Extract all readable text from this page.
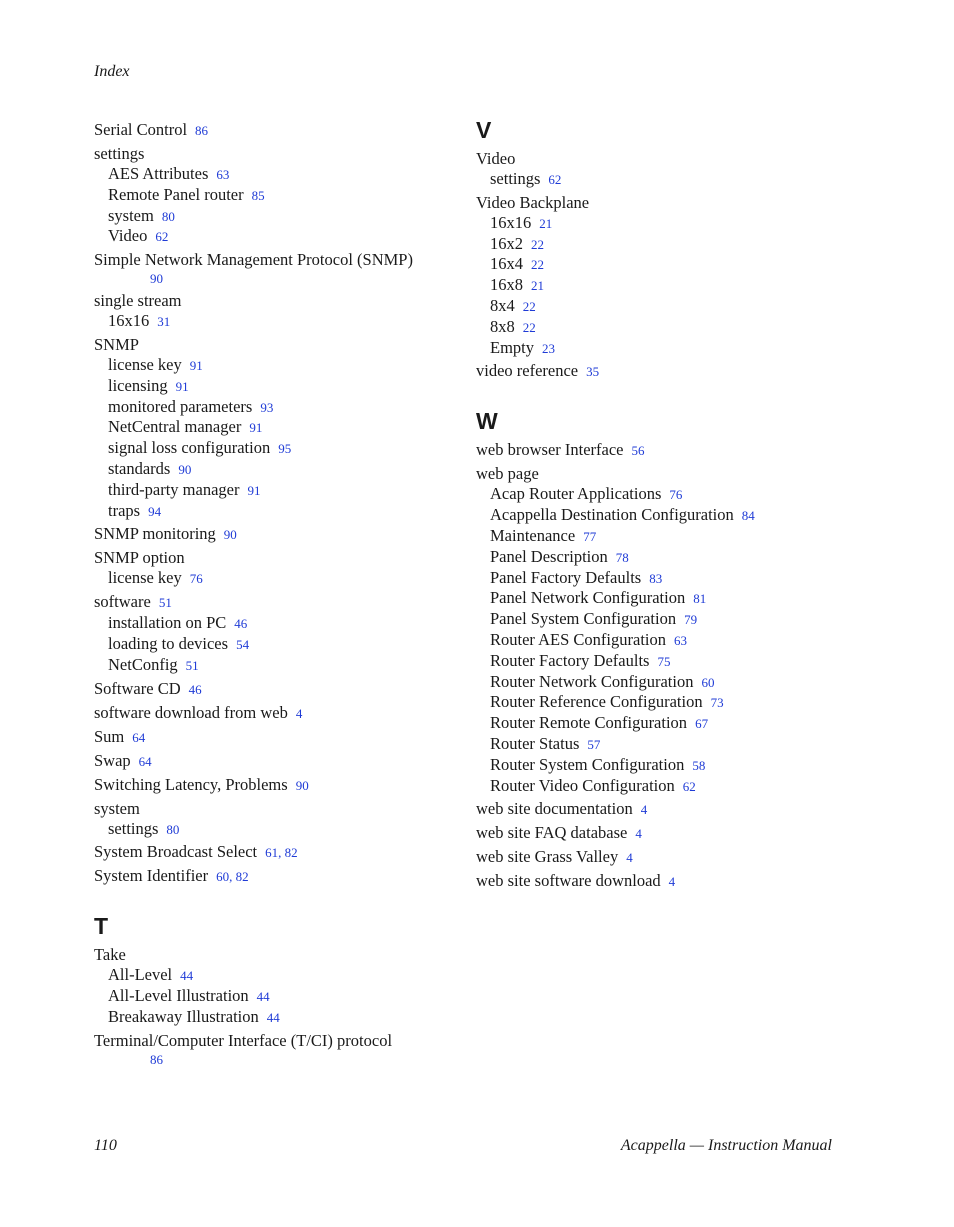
Index
Serial Control 86
settings
AES Attributes 63
Remote Panel router 85
system 80
Video 62
Simple Network Management Protocol (SNMP)
90
single stream
16x16 31
SNMP
license key 91
licensing 91
monitored parameters 93
NetCentral manager 91
signal loss configuration 95
standards 90
third-party manager 91
traps 94
SNMP monitoring 90
SNMP option
license key 76
software 51
installation on PC 46
loading to devices 54
NetConfig 51
Software CD 46
software download from web 4
Sum 64
Swap 64
Switching Latency, Problems 90
system
settings 80
System Broadcast Select 61, 82
System Identifier 60, 82
T
Take
All-Level 44
All-Level Illustration 44
Breakaway Illustration 44
Terminal/Computer Interface (T/CI) protocol
86
V
Video
settings 62
Video Backplane
16x16 21
16x2 22
16x4 22
16x8 21
8x4 22
8x8 22
Empty 23
video reference 35
W
web browser Interface 56
web page
Acap Router Applications 76
Acappella Destination Configuration 84
Maintenance 77
Panel Description 78
Panel Factory Defaults 83
Panel Network Configuration 81
Panel System Configuration 79
Router AES Configuration 63
Router Factory Defaults 75
Router Network Configuration 60
Router Reference Configuration 73
Router Remote Configuration 67
Router Status 57
Router System Configuration 58
Router Video Configuration 62
web site documentation 4
web site FAQ database 4
web site Grass Valley 4
web site software download 4
110	Acappella — Instruction Manual
